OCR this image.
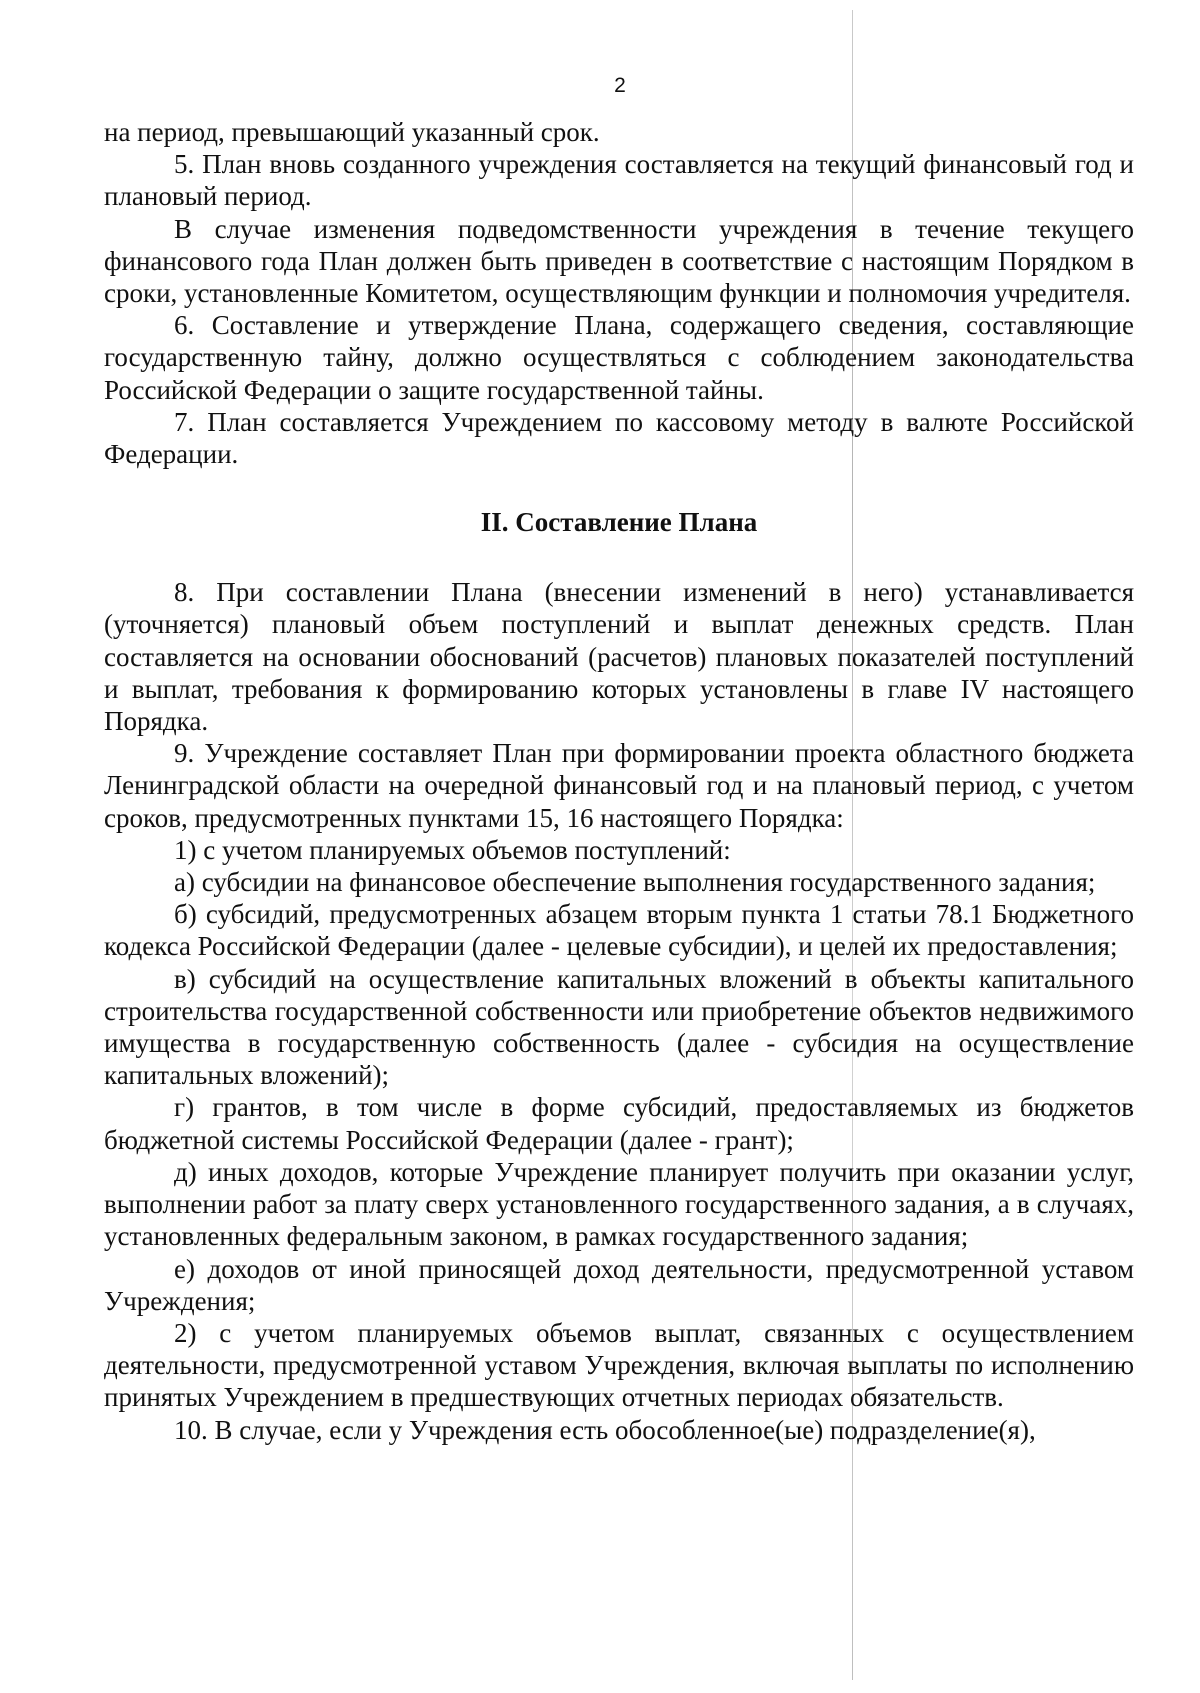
2

на период, превышающий указанный срок.

5. План вновь созданного учреждения составляется на текущий финансовый год и плановый период.

В случае изменения подведомственности учреждения в течение текущего финансового года План должен быть приведен в соответствие с настоящим Порядком в сроки, установленные Комитетом, осуществляющим функции и полномочия учредителя.

6. Составление и утверждение Плана, содержащего сведения, составляющие государственную тайну, должно осуществляться с соблюдением законодательства Российской Федерации о защите государственной тайны.

7. План составляется Учреждением по кассовому методу в валюте Российской Федерации.

II. Составление Плана

8. При составлении Плана (внесении изменений в него) устанавливается (уточняется) плановый объем поступлений и выплат денежных средств. План составляется на основании обоснований (расчетов) плановых показателей поступлений и выплат, требования к формированию которых установлены в главе IV настоящего Порядка.

9. Учреждение составляет План при формировании проекта областного бюджета Ленинградской области на очередной финансовый год и на плановый период, с учетом сроков, предусмотренных пунктами 15, 16 настоящего Порядка:

1) с учетом планируемых объемов поступлений:

а) субсидии на финансовое обеспечение выполнения государственного задания;

б) субсидий, предусмотренных абзацем вторым пункта 1 статьи 78.1 Бюджетного кодекса Российской Федерации (далее - целевые субсидии), и целей их предоставления;

в) субсидий на осуществление капитальных вложений в объекты капитального строительства государственной собственности или приобретение объектов недвижимого имущества в государственную собственность (далее - субсидия на осуществление капитальных вложений);

г) грантов, в том числе в форме субсидий, предоставляемых из бюджетов бюджетной системы Российской Федерации (далее - грант);

д) иных доходов, которые Учреждение планирует получить при оказании услуг, выполнении работ за плату сверх установленного государственного задания, а в случаях, установленных федеральным законом, в рамках государственного задания;

е) доходов от иной приносящей доход деятельности, предусмотренной уставом Учреждения;

2) с учетом планируемых объемов выплат, связанных с осуществлением деятельности, предусмотренной уставом Учреждения, включая выплаты по исполнению принятых Учреждением в предшествующих отчетных периодах обязательств.

10. В случае, если у Учреждения есть обособленное(ые) подразделение(я),
